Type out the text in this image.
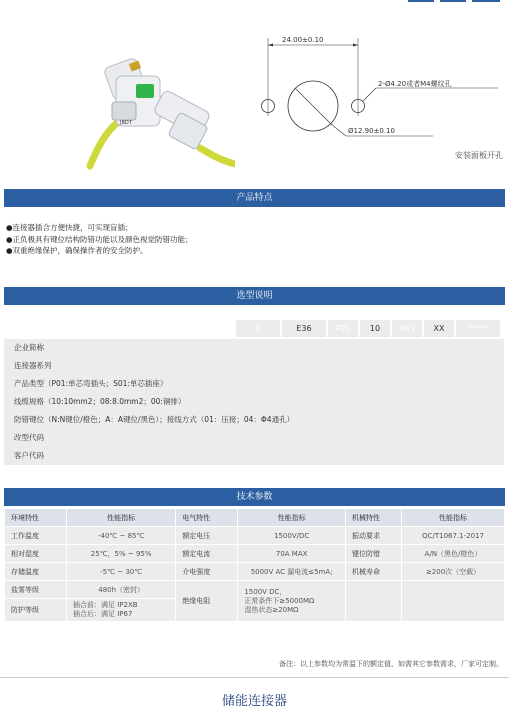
JBDT
24.00±0.10
2-Ø4.20或者M4螺纹孔
Ø12.90±0.10
安装面板开孔
产品特点
●连接器插合方便快捷，可实现盲插；
●正负极具有键位结构防错功能以及颜色视觉防错功能；
●双重绝缘保护，确保操作者的安全防护。
选型说明
B	E36	P01	10	N01	XX	*****
企业简称
连接器系列
产品类型（P01:单芯弯插头；S01:单芯插座）
线缆规格（10:10mm2；08:8.0mm2；00:铜排）
防错键位（N:N键位/橙色；A：A键位/黑色）；接线方式（01：压接；04：Φ4通孔）
改型代码
客户代码
技术参数
环境特性	性能指标	电气特性	性能指标	机械特性	性能指标
工作温度	-40℃ ~ 85℃	额定电压	1500V/DC	振动要求	QC/T1067.1-2017
相对湿度	25℃，5% ~ 95%	额定电流	70A MAX	键位防错	A/N（黑色/橙色）
存储温度	-5℃ ~ 30℃	介电强度	5000V AC 漏电流≤5mA;	机械寿命	≥200次（空载）
盐雾等级	480h（密封）	绝缘电阻	1500V DC，
正常条件下≥5000MΩ
湿热状态≥20MΩ		

防护等级	插合前：满足 IP2XB
插合后：满足 IP67				
备注：以上参数均为常温下的额定值，如需其它参数需求，厂家可定制。
储能连接器
